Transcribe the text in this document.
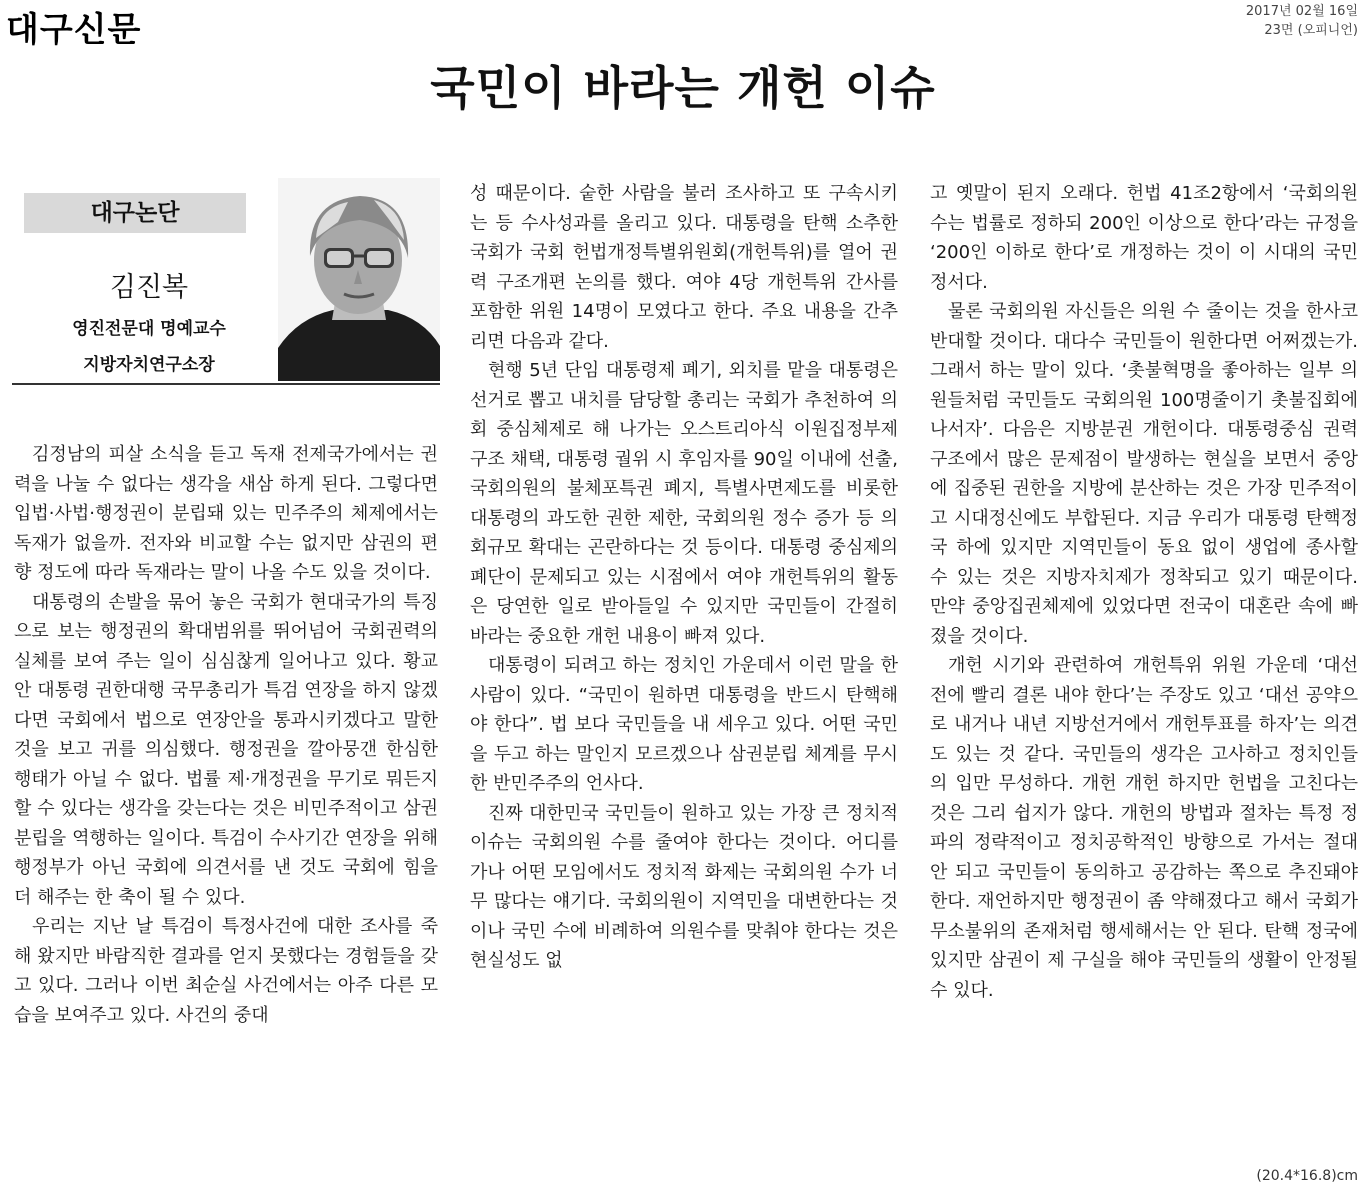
대구신문	2017년 02월 16일
23면 (오피니언)
국민이 바라는 개헌 이슈
대구논단
김진복
영진전문대 명예교수
지방자치연구소장

김정남의 피살 소식을 듣고 독재 전제국가에서는 권력을 나눌 수 없다는 생각을 새삼 하게 된다. 그렇다면 입법·사법·행정권이 분립돼 있는 민주주의 체제에서는 독재가 없을까. 전자와 비교할 수는 없지만 삼권의 편향 정도에 따라 독재라는 말이 나올 수도 있을 것이다.

대통령의 손발을 묶어 놓은 국회가 현대국가의 특징으로 보는 행정권의 확대범위를 뛰어넘어 국회권력의 실체를 보여 주는 일이 심심찮게 일어나고 있다. 황교안 대통령 권한대행 국무총리가 특검 연장을 하지 않겠다면 국회에서 법으로 연장안을 통과시키겠다고 말한 것을 보고 귀를 의심했다. 행정권을 깔아뭉갠 한심한 행태가 아닐 수 없다. 법률 제·개정권을 무기로 뭐든지 할 수 있다는 생각을 갖는다는 것은 비민주적이고 삼권분립을 역행하는 일이다. 특검이 수사기간 연장을 위해 행정부가 아닌 국회에 의견서를 낸 것도 국회에 힘을 더 해주는 한 축이 될 수 있다.

우리는 지난 날 특검이 특정사건에 대한 조사를 죽 해 왔지만 바람직한 결과를 얻지 못했다는 경험들을 갖고 있다. 그러나 이번 최순실 사건에서는 아주 다른 모습을 보여주고 있다. 사건의 중대

성 때문이다. 숱한 사람을 불러 조사하고 또 구속시키는 등 수사성과를 올리고 있다. 대통령을 탄핵 소추한 국회가 국회 헌법개정특별위원회(개헌특위)를 열어 권력 구조개편 논의를 했다. 여야 4당 개헌특위 간사를 포함한 위원 14명이 모였다고 한다. 주요 내용을 간추리면 다음과 같다.

현행 5년 단임 대통령제 폐기, 외치를 맡을 대통령은 선거로 뽑고 내치를 담당할 총리는 국회가 추천하여 의회 중심체제로 해 나가는 오스트리아식 이원집정부제 구조 채택, 대통령 궐위 시 후임자를 90일 이내에 선출, 국회의원의 불체포특권 폐지, 특별사면제도를 비롯한 대통령의 과도한 권한 제한, 국회의원 정수 증가 등 의회규모 확대는 곤란하다는 것 등이다. 대통령 중심제의 폐단이 문제되고 있는 시점에서 여야 개헌특위의 활동은 당연한 일로 받아들일 수 있지만 국민들이 간절히 바라는 중요한 개헌 내용이 빠져 있다.

대통령이 되려고 하는 정치인 가운데서 이런 말을 한 사람이 있다. “국민이 원하면 대통령을 반드시 탄핵해야 한다”. 법 보다 국민들을 내 세우고 있다. 어떤 국민을 두고 하는 말인지 모르겠으나 삼권분립 체계를 무시한 반민주주의 언사다.

진짜 대한민국 국민들이 원하고 있는 가장 큰 정치적 이슈는 국회의원 수를 줄여야 한다는 것이다. 어디를 가나 어떤 모임에서도 정치적 화제는 국회의원 수가 너무 많다는 얘기다. 국회의원이 지역민을 대변한다는 것이나 국민 수에 비례하여 의원수를 맞춰야 한다는 것은 현실성도 없

고 옛말이 된지 오래다. 헌법 41조2항에서 ‘국회의원 수는 법률로 정하되 200인 이상으로 한다’라는 규정을 ‘200인 이하로 한다’로 개정하는 것이 이 시대의 국민정서다.

물론 국회의원 자신들은 의원 수 줄이는 것을 한사코 반대할 것이다. 대다수 국민들이 원한다면 어쩌겠는가. 그래서 하는 말이 있다. ‘촛불혁명을 좋아하는 일부 의원들처럼 국민들도 국회의원 100명줄이기 촛불집회에 나서자’. 다음은 지방분권 개헌이다. 대통령중심 권력구조에서 많은 문제점이 발생하는 현실을 보면서 중앙에 집중된 권한을 지방에 분산하는 것은 가장 민주적이고 시대정신에도 부합된다. 지금 우리가 대통령 탄핵정국 하에 있지만 지역민들이 동요 없이 생업에 종사할 수 있는 것은 지방자치제가 정착되고 있기 때문이다. 만약 중앙집권체제에 있었다면 전국이 대혼란 속에 빠졌을 것이다.

개헌 시기와 관련하여 개헌특위 위원 가운데 ‘대선 전에 빨리 결론 내야 한다’는 주장도 있고 ‘대선 공약으로 내거나 내년 지방선거에서 개헌투표를 하자’는 의견도 있는 것 같다. 국민들의 생각은 고사하고 정치인들의 입만 무성하다. 개헌 개헌 하지만 헌법을 고친다는 것은 그리 쉽지가 않다. 개헌의 방법과 절차는 특정 정파의 정략적이고 정치공학적인 방향으로 가서는 절대 안 되고 국민들이 동의하고 공감하는 쪽으로 추진돼야 한다. 재언하지만 행정권이 좀 약해졌다고 해서 국회가 무소불위의 존재처럼 행세해서는 안 된다. 탄핵 정국에 있지만 삼권이 제 구실을 해야 국민들의 생활이 안정될 수 있다.

(20.4*16.8)cm
